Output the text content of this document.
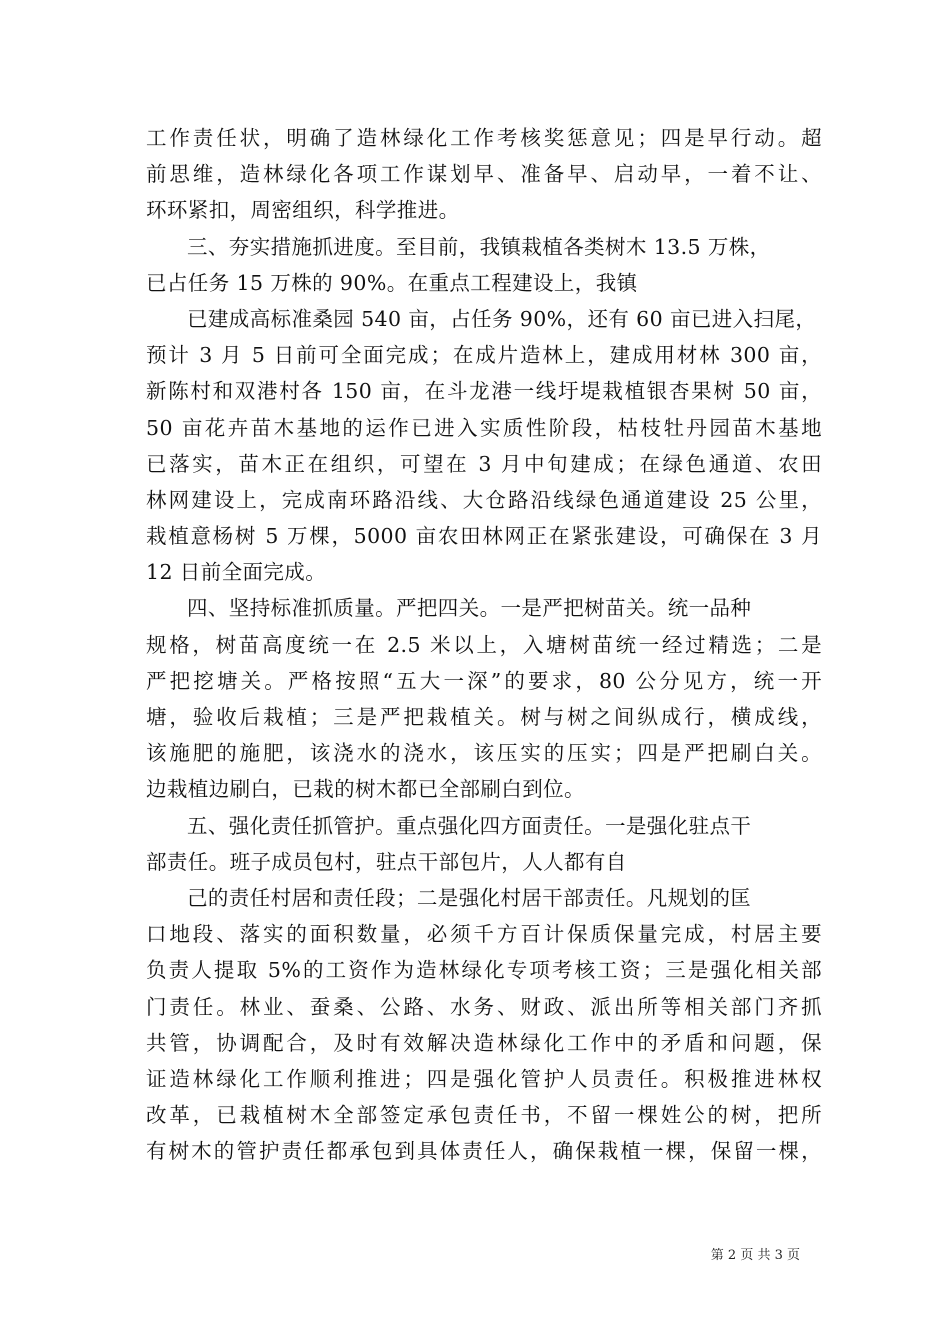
工作责任状，明确了造林绿化工作考核奖惩意见；四是早行动。超
前思维，造林绿化各项工作谋划早、准备早、启动早，一着不让、
环环紧扣，周密组织，科学推进。
三、夯实措施抓进度。至目前，我镇栽植各类树木 13.5 万株，
已占任务 15 万株的 90%。在重点工程建设上，我镇
已建成高标准桑园 540 亩，占任务 90%，还有 60 亩已进入扫尾，
预计 3 月 5 日前可全面完成；在成片造林上，建成用材林 300 亩，
新陈村和双港村各 150 亩，在斗龙港一线圩堤栽植银杏果树 50 亩，
50 亩花卉苗木基地的运作已进入实质性阶段，枯枝牡丹园苗木基地
已落实，苗木正在组织，可望在 3 月中旬建成；在绿色通道、农田
林网建设上，完成南环路沿线、大仓路沿线绿色通道建设 25 公里，
栽植意杨树 5 万棵，5000 亩农田林网正在紧张建设，可确保在 3 月
12 日前全面完成。
四、坚持标准抓质量。严把四关。一是严把树苗关。统一品种
规格，树苗高度统一在 2.5 米以上，入塘树苗统一经过精选；二是
严把挖塘关。严格按照“五大一深”的要求，80 公分见方，统一开
塘，验收后栽植；三是严把栽植关。树与树之间纵成行，横成线，
该施肥的施肥，该浇水的浇水，该压实的压实；四是严把刷白关。
边栽植边刷白，已栽的树木都已全部刷白到位。
五、强化责任抓管护。重点强化四方面责任。一是强化驻点干
部责任。班子成员包村，驻点干部包片，人人都有自
己的责任村居和责任段；二是强化村居干部责任。凡规划的匡
口地段、落实的面积数量，必须千方百计保质保量完成，村居主要
负责人提取 5%的工资作为造林绿化专项考核工资；三是强化相关部
门责任。林业、蚕桑、公路、水务、财政、派出所等相关部门齐抓
共管，协调配合，及时有效解决造林绿化工作中的矛盾和问题，保
证造林绿化工作顺利推进；四是强化管护人员责任。积极推进林权
改革，已栽植树木全部签定承包责任书，不留一棵姓公的树，把所
有树木的管护责任都承包到具体责任人，确保栽植一棵，保留一棵，
第 2 页 共 3 页
